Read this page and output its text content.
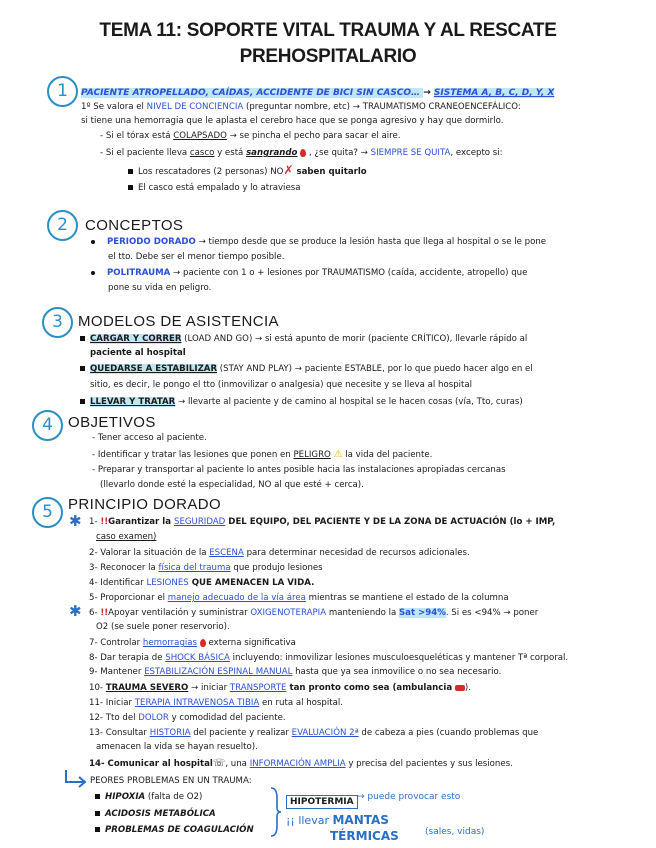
TEMA 11: SOPORTE VITAL TRAUMA Y AL RESCATE
PREHOSPITALARIO
1	PACIENTE ATROPELLADO, CAÍDAS, ACCIDENTE DE BICI SIN CASCO… → SISTEMA A, B, C, D, Y, X
1º Se valora el NIVEL DE CONCIENCIA (preguntar nombre, etc) → TRAUMATISMO CRANEOENCEFÁLICO:
si tiene una hemorragia que le aplasta el cerebro hace que se ponga agresivo y hay que dormirlo.
- Si el tórax está COLAPSADO → se pincha el pecho para sacar el aire.
- Si el paciente lleva casco y está sangrando , ¿se quita? → SIEMPRE SE QUITA, excepto si:
Los rescatadores (2 personas) NO✗ saben quitarlo
El casco está empalado y lo atraviesa
2	CONCEPTOS
PERIODO DORADO → tiempo desde que se produce la lesión hasta que llega al hospital o se le pone
el tto. Debe ser el menor tiempo posible.
POLITRAUMA → paciente con 1 o + lesiones por TRAUMATISMO (caída, accidente, atropello) que
pone su vida en peligro.
3	MODELOS DE ASISTENCIA
CARGAR Y CORRER (LOAD AND GO) → si está apunto de morir (paciente CRÍTICO), llevarle rápido al
paciente al hospital
QUEDARSE A ESTABILIZAR (STAY AND PLAY) → paciente ESTABLE, por lo que puedo hacer algo en el
sitio, es decir, le pongo el tto (inmovilizar o analgesia) que necesite y se lleva al hospital
LLEVAR Y TRATAR → llevarte al paciente y de camino al hospital se le hacen cosas (vía, Tto, curas)
4	OBJETIVOS
- Tener acceso al paciente.
- Identificar y tratar las lesiones que ponen en PELIGRO ⚠ la vida del paciente.
- Preparar y transportar al paciente lo antes posible hacia las instalaciones apropiadas cercanas
(llevarlo donde esté la especialidad, NO al que esté + cerca).
5	PRINCIPIO DORADO
✱ 1- !!Garantizar la SEGURIDAD DEL EQUIPO, DEL PACIENTE Y DE LA ZONA DE ACTUACIÓN (lo + IMP,
caso examen)
2- Valorar la situación de la ESCENA para determinar necesidad de recursos adicionales.
3- Reconocer la física del trauma que produjo lesiones
4- Identificar LESIONES QUE AMENACEN LA VIDA.
5- Proporcionar el manejo adecuado de la vía área mientras se mantiene el estado de la columna
✱ 6- !!Apoyar ventilación y suministrar OXIGENOTERAPIA manteniendo la Sat >94%. Si es <94% → poner
O2 (se suele poner reservorio).
7- Controlar hemorragias  externa significativa
8- Dar terapia de SHOCK BÁSICA incluyendo: inmovilizar lesiones musculoesqueléticas y mantener Tª corporal.
9- Mantener ESTABILIZACIÓN ESPINAL MANUAL hasta que ya sea inmovilice o no sea necesario.
10- TRAUMA SEVERO → iniciar TRANSPORTE tan pronto como sea (ambulancia ).
11- Iniciar TERAPIA INTRAVENOSA TIBIA en ruta al hospital.
12- Tto del DOLOR y comodidad del paciente.
13- Consultar HISTORIA del paciente y realizar EVALUACIÓN 2ª de cabeza a pies (cuando problemas que
amenacen la vida se hayan resuelto).
14- Comunicar al hospital☏, una INFORMACIÓN AMPLIA y precisa del pacientes y sus lesiones.
PEORES PROBLEMAS EN UN TRAUMA:
HIPOXIA (falta de O2)
ACIDOSIS METABÓLICA
PROBLEMAS DE COAGULACIÓN
HIPOTERMIA → puede provocar esto
¡¡ llevar MANTAS
TÉRMICAS	(sales, vidas)
